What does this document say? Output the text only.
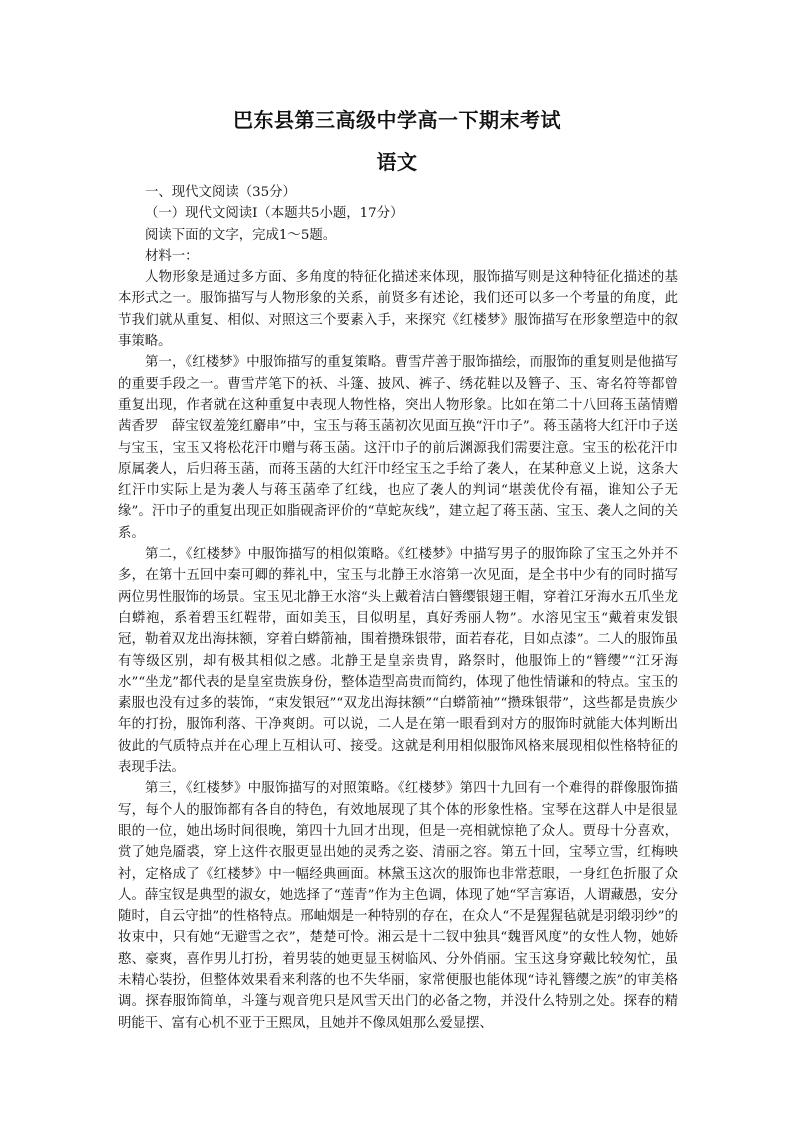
巴东县第三高级中学高一下期末考试
语文

一、现代文阅读（35分）

（一）现代文阅读Ⅰ（本题共5小题，17分）

阅读下面的文字，完成1～5题。

材料一：

人物形象是通过多方面、多角度的特征化描述来体现，服饰描写则是这种特征化描述的基本形式之一。服饰描写与人物形象的关系，前贤多有述论，我们还可以多一个考量的角度，此节我们就从重复、相似、对照这三个要素入手，来探究《红楼梦》服饰描写在形象塑造中的叙事策略。

第一，《红楼梦》中服饰描写的重复策略。曹雪芹善于服饰描绘，而服饰的重复则是他描写的重要手段之一。曹雪芹笔下的袄、斗篷、披风、裤子、绣花鞋以及簪子、玉、寄名符等都曾重复出现，作者就在这种重复中表现人物性格，突出人物形象。比如在第二十八回蒋玉菡情赠茜香罗　薛宝钗羞笼红麝串”中，宝玉与蒋玉菡初次见面互换“汗巾子”。蒋玉菡将大红汗巾子送与宝玉，宝玉又将松花汗巾赠与蒋玉菡。这汗巾子的前后渊源我们需要注意。宝玉的松花汗巾原属袭人，后归蒋玉菡，而蒋玉菡的大红汗巾经宝玉之手给了袭人，在某种意义上说，这条大红汗巾实际上是为袭人与蒋玉菡牵了红线，也应了袭人的判词“堪羡优伶有福，谁知公子无缘”。汗巾子的重复出现正如脂砚斋评价的“草蛇灰线”，建立起了蒋玉菡、宝玉、袭人之间的关系。

第二，《红楼梦》中服饰描写的相似策略。《红楼梦》中描写男子的服饰除了宝玉之外并不多，在第十五回中秦可卿的葬礼中，宝玉与北静王水溶第一次见面，是全书中少有的同时描写两位男性服饰的场景。宝玉见北静王水溶“头上戴着洁白簪缨银翅王帽，穿着江牙海水五爪坐龙白蟒袍，系着碧玉红鞓带，面如美玉，目似明星，真好秀丽人物”。水溶见宝玉“戴着束发银冠，勒着双龙出海抹额，穿着白蟒箭袖，围着攒珠银带，面若春花，目如点漆”。二人的服饰虽有等级区别，却有极其相似之感。北静王是皇亲贵胄，路祭时，他服饰上的“簪缨”“江牙海水”“坐龙”都代表的是皇室贵族身份，整体造型高贵而简约，体现了他性情谦和的特点。宝玉的素服也没有过多的装饰，“束发银冠”“双龙出海抹额”“白蟒箭袖”“攒珠银带”，这些都是贵族少年的打扮，服饰利落、干净爽朗。可以说，二人是在第一眼看到对方的服饰时就能大体判断出彼此的气质特点并在心理上互相认可、接受。这就是利用相似服饰风格来展现相似性格特征的表现手法。

第三，《红楼梦》中服饰描写的对照策略。《红楼梦》第四十九回有一个难得的群像服饰描写，每个人的服饰都有各自的特色，有效地展现了其个体的形象性格。宝琴在这群人中是很显眼的一位，她出场时间很晚，第四十九回才出现，但是一亮相就惊艳了众人。贾母十分喜欢，赏了她凫靥裘，穿上这件衣服更显出她的灵秀之姿、清丽之容。第五十回，宝琴立雪，红梅映衬，定格成了《红楼梦》中一幅经典画面。林黛玉这次的服饰也非常惹眼，一身红色折服了众人。薛宝钗是典型的淑女，她选择了“莲青”作为主色调，体现了她“罕言寡语，人谓藏愚，安分随时，自云守拙”的性格特点。邢岫烟是一种特别的存在，在众人“不是猩猩毡就是羽缎羽纱”的妆束中，只有她“无避雪之衣”，楚楚可怜。湘云是十二钗中独具“魏晋风度”的女性人物，她娇憨、豪爽，喜作男儿打扮，着男装的她更显玉树临风、分外俏丽。宝玉这身穿戴比较匆忙，虽未精心装扮，但整体效果看来利落的也不失华丽，家常便服也能体现“诗礼簪缨之族”的审美格调。探春服饰简单，斗篷与观音兜只是风雪天出门的必备之物，并没什么特别之处。探春的精明能干、富有心机不亚于王熙凤，且她并不像凤姐那么爱显摆、
